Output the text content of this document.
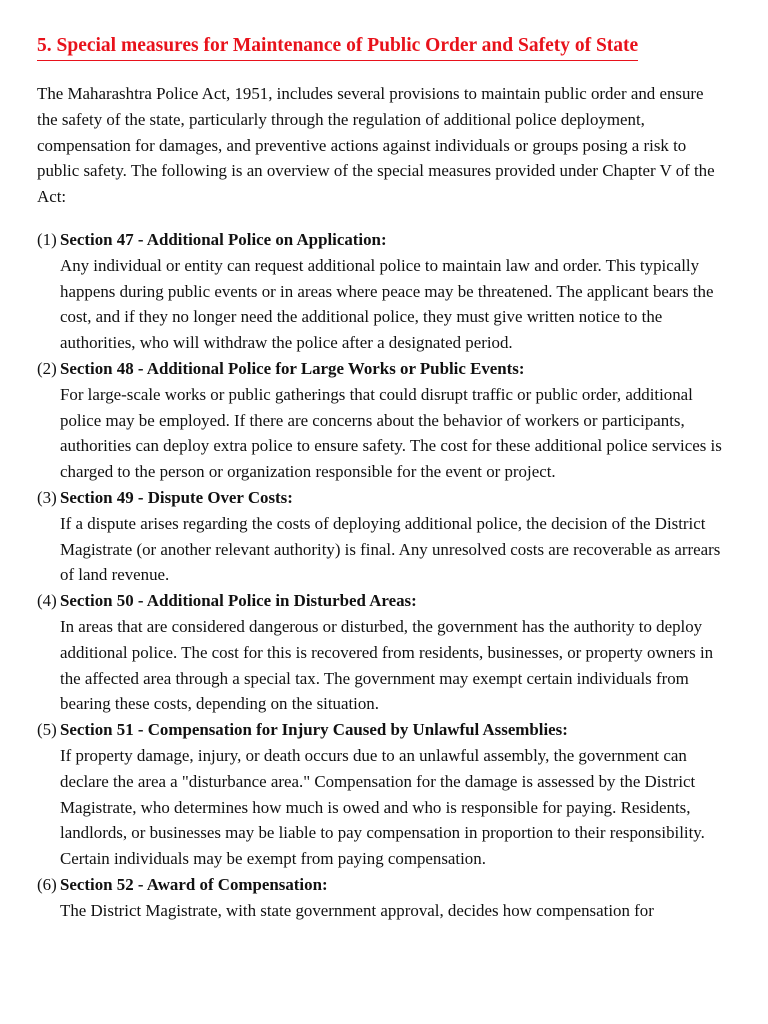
5. Special measures for Maintenance of Public Order and Safety of State

The Maharashtra Police Act, 1951, includes several provisions to maintain public order and ensure the safety of the state, particularly through the regulation of additional police deployment, compensation for damages, and preventive actions against individuals or groups posing a risk to public safety. The following is an overview of the special measures provided under Chapter V of the Act:

(1) Section 47 - Additional Police on Application:
Any individual or entity can request additional police to maintain law and order. This typically happens during public events or in areas where peace may be threatened. The applicant bears the cost, and if they no longer need the additional police, they must give written notice to the authorities, who will withdraw the police after a designated period.
(2) Section 48 - Additional Police for Large Works or Public Events:
For large-scale works or public gatherings that could disrupt traffic or public order, additional police may be employed. If there are concerns about the behavior of workers or participants, authorities can deploy extra police to ensure safety. The cost for these additional police services is charged to the person or organization responsible for the event or project.
(3) Section 49 - Dispute Over Costs:
If a dispute arises regarding the costs of deploying additional police, the decision of the District Magistrate (or another relevant authority) is final. Any unresolved costs are recoverable as arrears of land revenue.
(4) Section 50 - Additional Police in Disturbed Areas:
In areas that are considered dangerous or disturbed, the government has the authority to deploy additional police. The cost for this is recovered from residents, businesses, or property owners in the affected area through a special tax. The government may exempt certain individuals from bearing these costs, depending on the situation.
(5) Section 51 - Compensation for Injury Caused by Unlawful Assemblies:
If property damage, injury, or death occurs due to an unlawful assembly, the government can declare the area a "disturbance area." Compensation for the damage is assessed by the District Magistrate, who determines how much is owed and who is responsible for paying. Residents, landlords, or businesses may be liable to pay compensation in proportion to their responsibility. Certain individuals may be exempt from paying compensation.
(6) Section 52 - Award of Compensation:
The District Magistrate, with state government approval, decides how compensation for
